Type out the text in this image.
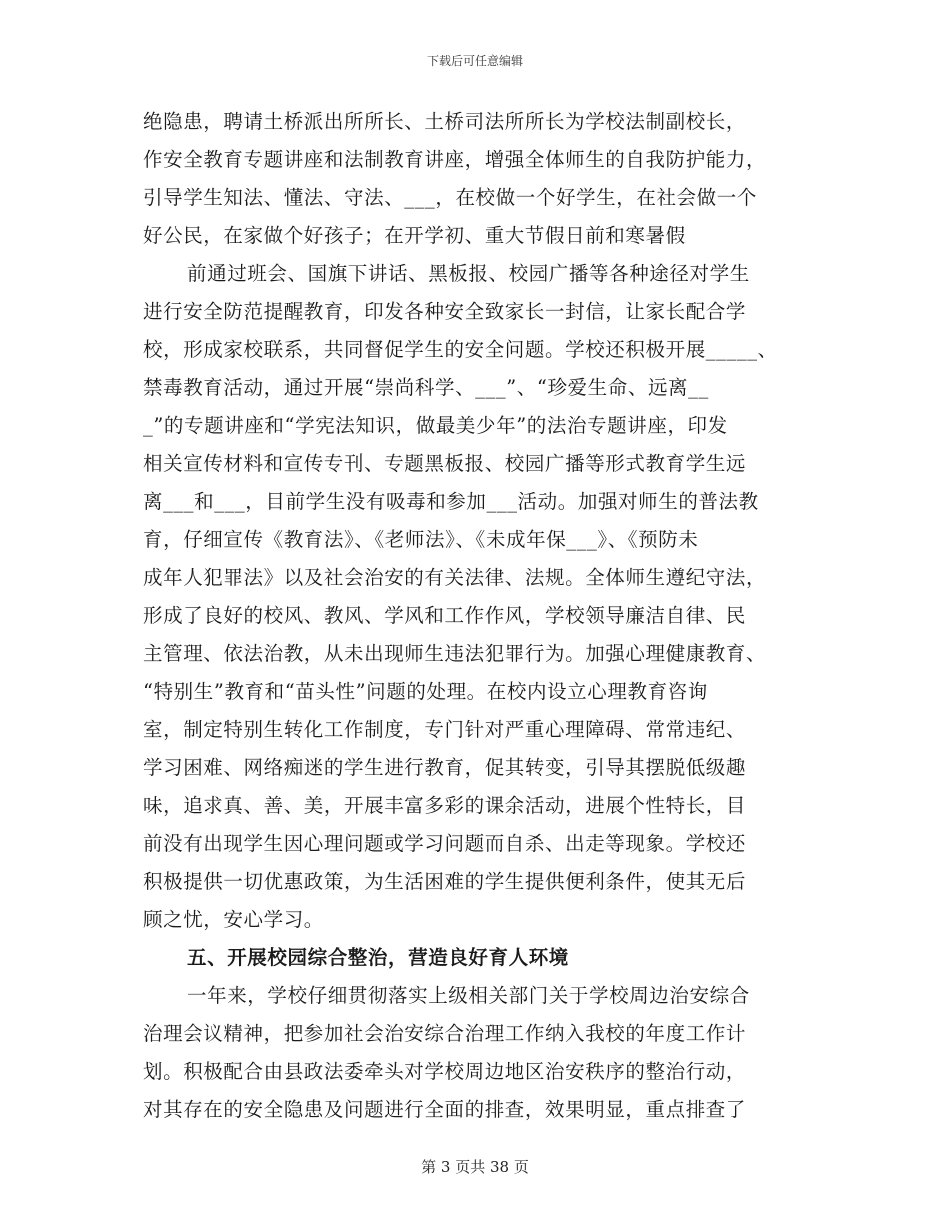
下载后可任意编辑
绝隐患，聘请土桥派出所所长、土桥司法所所长为学校法制副校长，
作安全教育专题讲座和法制教育讲座，增强全体师生的自我防护能力，
引导学生知法、懂法、守法、___，在校做一个好学生，在社会做一个
好公民，在家做个好孩子；在开学初、重大节假日前和寒暑假
前通过班会、国旗下讲话、黑板报、校园广播等各种途径对学生
进行安全防范提醒教育，印发各种安全致家长一封信，让家长配合学
校，形成家校联系，共同督促学生的安全问题。学校还积极开展_____、
禁毒教育活动，通过开展“崇尚科学、___”、“珍爱生命、远离__
_”的专题讲座和“学宪法知识，做最美少年”的法治专题讲座，印发
相关宣传材料和宣传专刊、专题黑板报、校园广播等形式教育学生远
离___和___，目前学生没有吸毒和参加___活动。加强对师生的普法教
育，仔细宣传《教育法》、《老师法》、《未成年保___》、《预防未
成年人犯罪法》以及社会治安的有关法律、法规。全体师生遵纪守法，
形成了良好的校风、教风、学风和工作作风，学校领导廉洁自律、民
主管理、依法治教，从未出现师生违法犯罪行为。加强心理健康教育、
“特别生”教育和“苗头性”问题的处理。在校内设立心理教育咨询
室，制定特别生转化工作制度，专门针对严重心理障碍、常常违纪、
学习困难、网络痴迷的学生进行教育，促其转变，引导其摆脱低级趣
味，追求真、善、美，开展丰富多彩的课余活动，进展个性特长，目
前没有出现学生因心理问题或学习问题而自杀、出走等现象。学校还
积极提供一切优惠政策，为生活困难的学生提供便利条件，使其无后
顾之忧，安心学习。
五、开展校园综合整治，营造良好育人环境
一年来，学校仔细贯彻落实上级相关部门关于学校周边治安综合
治理会议精神，把参加社会治安综合治理工作纳入我校的年度工作计
划。积极配合由县政法委牵头对学校周边地区治安秩序的整治行动，
对其存在的安全隐患及问题进行全面的排查，效果明显，重点排查了
第 3 页共 38 页
